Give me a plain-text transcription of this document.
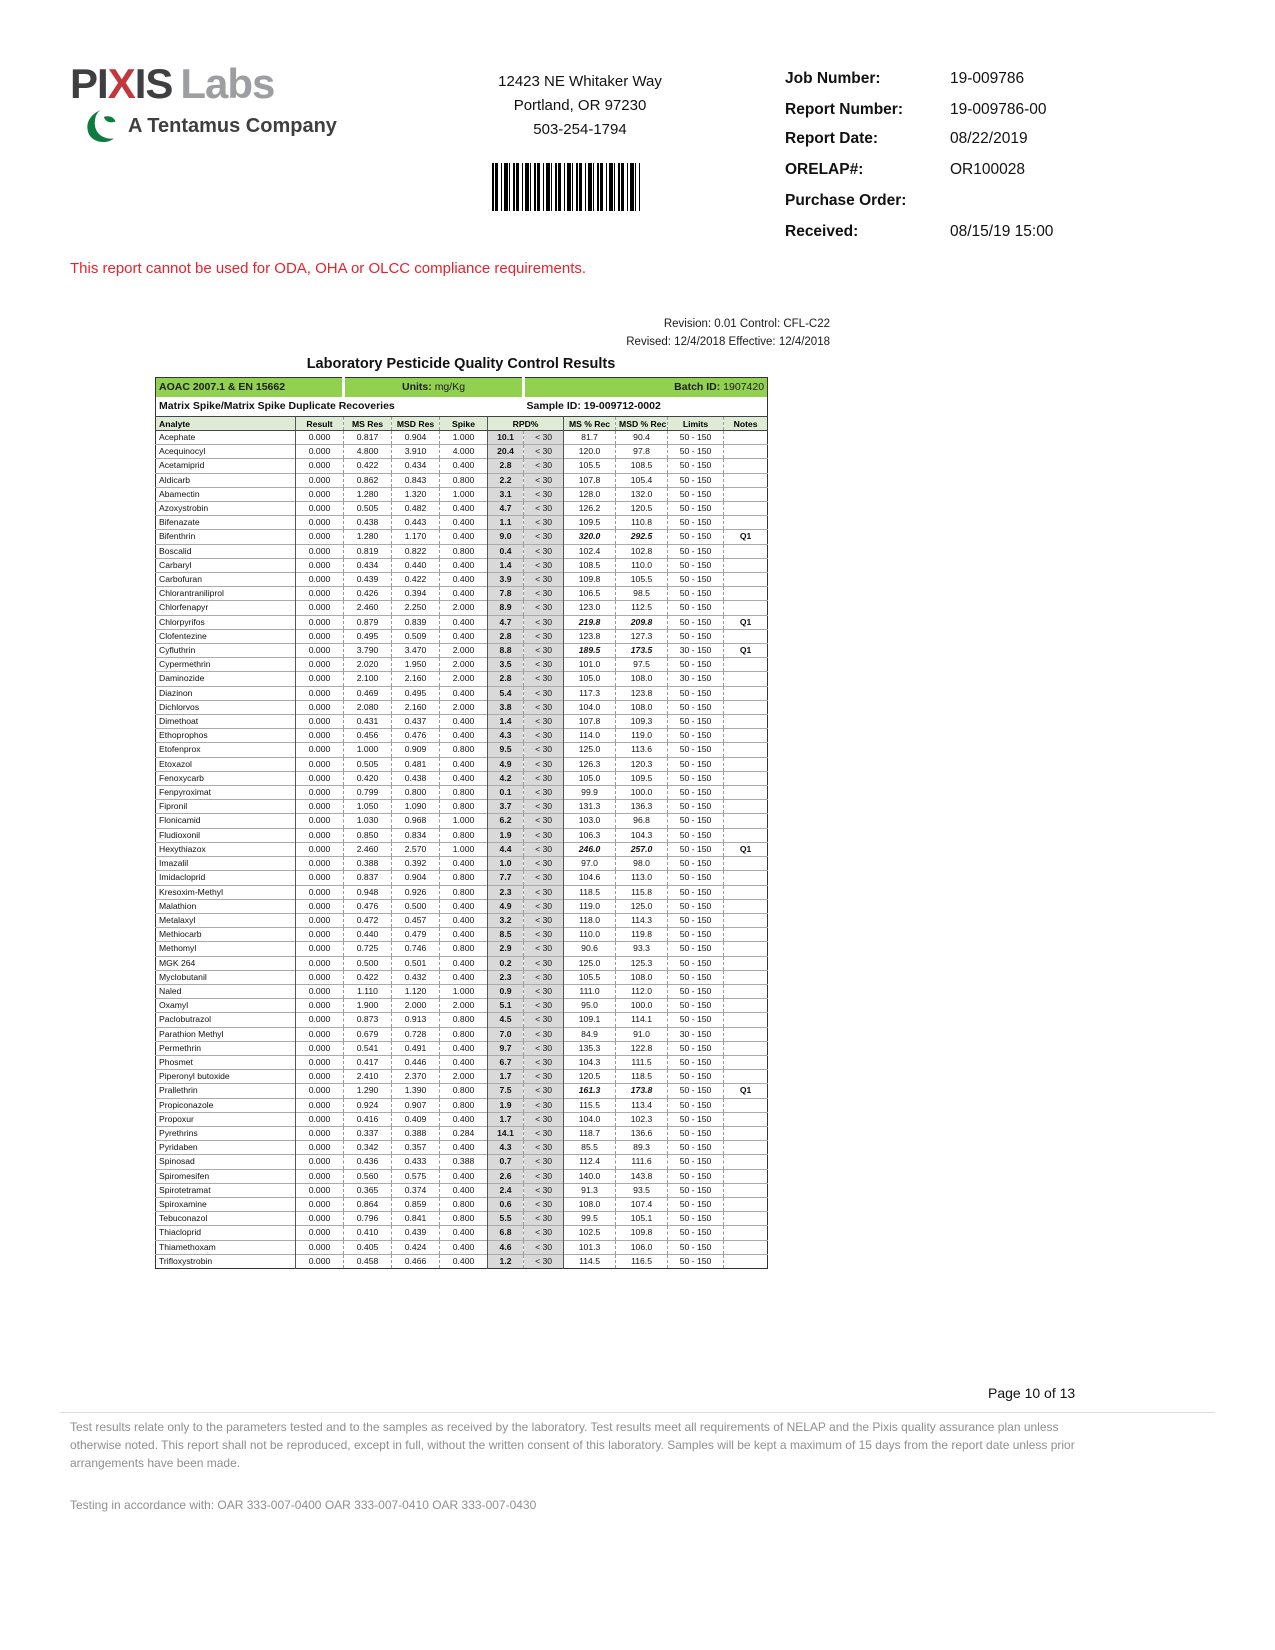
PIXIS Labs
A Tentamus Company
12423 NE Whitaker Way
Portland, OR 97230
503-254-1794
Job Number:	19-009786
Report Number:	19-009786-00
Report Date:	08/22/2019
ORELAP#:	OR100028
Purchase Order:
Received:	08/15/19 15:00
This report cannot be used for ODA, OHA or OLCC compliance requirements.
Revision: 0.01 Control: CFL-C22
Revised: 12/4/2018 Effective: 12/4/2018
Laboratory Pesticide Quality Control Results
AOAC 2007.1 & EN 15662		Units: mg/Kg				Batch ID: 1907420				
Matrix Spike/Matrix Spike Duplicate Recoveries						Sample ID: 19-009712-0002				
Analyte	Result	MS Res	MSD Res	Spike	RPD%		MS % Rec	MSD % Rec	Limits	Notes
Acephate	0.000	0.817	0.904	1.000	10.1	< 30	81.7	90.4	50 - 150	
Acequinocyl	0.000	4.800	3.910	4.000	20.4	< 30	120.0	97.8	50 - 150	
Acetamiprid	0.000	0.422	0.434	0.400	2.8	< 30	105.5	108.5	50 - 150	
Aldicarb	0.000	0.862	0.843	0.800	2.2	< 30	107.8	105.4	50 - 150	
Abamectin	0.000	1.280	1.320	1.000	3.1	< 30	128.0	132.0	50 - 150	
Azoxystrobin	0.000	0.505	0.482	0.400	4.7	< 30	126.2	120.5	50 - 150	
Bifenazate	0.000	0.438	0.443	0.400	1.1	< 30	109.5	110.8	50 - 150	
Bifenthrin	0.000	1.280	1.170	0.400	9.0	< 30	320.0	292.5	50 - 150	Q1
Boscalid	0.000	0.819	0.822	0.800	0.4	< 30	102.4	102.8	50 - 150	
Carbaryl	0.000	0.434	0.440	0.400	1.4	< 30	108.5	110.0	50 - 150	
Carbofuran	0.000	0.439	0.422	0.400	3.9	< 30	109.8	105.5	50 - 150	
Chlorantraniliprol	0.000	0.426	0.394	0.400	7.8	< 30	106.5	98.5	50 - 150	
Chlorfenapyr	0.000	2.460	2.250	2.000	8.9	< 30	123.0	112.5	50 - 150	
Chlorpyrifos	0.000	0.879	0.839	0.400	4.7	< 30	219.8	209.8	50 - 150	Q1
Clofentezine	0.000	0.495	0.509	0.400	2.8	< 30	123.8	127.3	50 - 150	
Cyfluthrin	0.000	3.790	3.470	2.000	8.8	< 30	189.5	173.5	30 - 150	Q1
Cypermethrin	0.000	2.020	1.950	2.000	3.5	< 30	101.0	97.5	50 - 150	
Daminozide	0.000	2.100	2.160	2.000	2.8	< 30	105.0	108.0	30 - 150	
Diazinon	0.000	0.469	0.495	0.400	5.4	< 30	117.3	123.8	50 - 150	
Dichlorvos	0.000	2.080	2.160	2.000	3.8	< 30	104.0	108.0	50 - 150	
Dimethoat	0.000	0.431	0.437	0.400	1.4	< 30	107.8	109.3	50 - 150	
Ethoprophos	0.000	0.456	0.476	0.400	4.3	< 30	114.0	119.0	50 - 150	
Etofenprox	0.000	1.000	0.909	0.800	9.5	< 30	125.0	113.6	50 - 150	
Etoxazol	0.000	0.505	0.481	0.400	4.9	< 30	126.3	120.3	50 - 150	
Fenoxycarb	0.000	0.420	0.438	0.400	4.2	< 30	105.0	109.5	50 - 150	
Fenpyroximat	0.000	0.799	0.800	0.800	0.1	< 30	99.9	100.0	50 - 150	
Fipronil	0.000	1.050	1.090	0.800	3.7	< 30	131.3	136.3	50 - 150	
Flonicamid	0.000	1.030	0.968	1.000	6.2	< 30	103.0	96.8	50 - 150	
Fludioxonil	0.000	0.850	0.834	0.800	1.9	< 30	106.3	104.3	50 - 150	
Hexythiazox	0.000	2.460	2.570	1.000	4.4	< 30	246.0	257.0	50 - 150	Q1
Imazalil	0.000	0.388	0.392	0.400	1.0	< 30	97.0	98.0	50 - 150	
Imidacloprid	0.000	0.837	0.904	0.800	7.7	< 30	104.6	113.0	50 - 150	
Kresoxim-Methyl	0.000	0.948	0.926	0.800	2.3	< 30	118.5	115.8	50 - 150	
Malathion	0.000	0.476	0.500	0.400	4.9	< 30	119.0	125.0	50 - 150	
Metalaxyl	0.000	0.472	0.457	0.400	3.2	< 30	118.0	114.3	50 - 150	
Methiocarb	0.000	0.440	0.479	0.400	8.5	< 30	110.0	119.8	50 - 150	
Methomyl	0.000	0.725	0.746	0.800	2.9	< 30	90.6	93.3	50 - 150	
MGK 264	0.000	0.500	0.501	0.400	0.2	< 30	125.0	125.3	50 - 150	
Myclobutanil	0.000	0.422	0.432	0.400	2.3	< 30	105.5	108.0	50 - 150	
Naled	0.000	1.110	1.120	1.000	0.9	< 30	111.0	112.0	50 - 150	
Oxamyl	0.000	1.900	2.000	2.000	5.1	< 30	95.0	100.0	50 - 150	
Paclobutrazol	0.000	0.873	0.913	0.800	4.5	< 30	109.1	114.1	50 - 150	
Parathion Methyl	0.000	0.679	0.728	0.800	7.0	< 30	84.9	91.0	30 - 150	
Permethrin	0.000	0.541	0.491	0.400	9.7	< 30	135.3	122.8	50 - 150	
Phosmet	0.000	0.417	0.446	0.400	6.7	< 30	104.3	111.5	50 - 150	
Piperonyl butoxide	0.000	2.410	2.370	2.000	1.7	< 30	120.5	118.5	50 - 150	
Prallethrin	0.000	1.290	1.390	0.800	7.5	< 30	161.3	173.8	50 - 150	Q1
Propiconazole	0.000	0.924	0.907	0.800	1.9	< 30	115.5	113.4	50 - 150	
Propoxur	0.000	0.416	0.409	0.400	1.7	< 30	104.0	102.3	50 - 150	
Pyrethrins	0.000	0.337	0.388	0.284	14.1	< 30	118.7	136.6	50 - 150	
Pyridaben	0.000	0.342	0.357	0.400	4.3	< 30	85.5	89.3	50 - 150	
Spinosad	0.000	0.436	0.433	0.388	0.7	< 30	112.4	111.6	50 - 150	
Spiromesifen	0.000	0.560	0.575	0.400	2.6	< 30	140.0	143.8	50 - 150	
Spirotetramat	0.000	0.365	0.374	0.400	2.4	< 30	91.3	93.5	50 - 150	
Spiroxamine	0.000	0.864	0.859	0.800	0.6	< 30	108.0	107.4	50 - 150	
Tebuconazol	0.000	0.796	0.841	0.800	5.5	< 30	99.5	105.1	50 - 150	
Thiacloprid	0.000	0.410	0.439	0.400	6.8	< 30	102.5	109.8	50 - 150	
Thiamethoxam	0.000	0.405	0.424	0.400	4.6	< 30	101.3	106.0	50 - 150	
Trifloxystrobin	0.000	0.458	0.466	0.400	1.2	< 30	114.5	116.5	50 - 150	
Page 10 of 13
Test results relate only to the parameters tested and to the samples as received by the laboratory. Test results meet all requirements of NELAP and the Pixis quality assurance plan unless otherwise noted. This report shall not be reproduced, except in full, without the written consent of this laboratory. Samples will be kept a maximum of 15 days from the report date unless prior arrangements have been made.
Testing in accordance with: OAR 333-007-0400 OAR 333-007-0410 OAR 333-007-0430
